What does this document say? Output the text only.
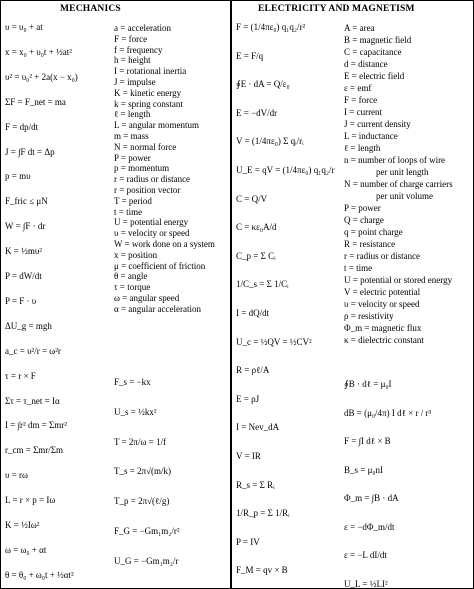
MECHANICS	ELECTRICITY AND MAGNETISM
υ = υ₀ + at
x = x₀ + υ₀t + ½at²
υ² = υ₀² + 2a(x − x₀)
ΣF = F_net = ma
F = dp/dt
J = ∫F dt = Δp
p = mυ
F_fric ≤ μN
W = ∫F · dr
K = ½mυ²
P = dW/dt
P = F · υ
ΔU_g = mgh
a_c = υ²/r = ω²r
τ = r × F
Στ = τ_net = Iα
I = ∫r² dm = Σmr²
r_cm = Σmr/Σm
υ = rω
L = r × p = Iω
K = ½Iω²
ω = ω₀ + αt
θ = θ₀ + ω₀t + ½αt²
a = acceleration
F = force
f = frequency
h = height
I = rotational inertia
J = impulse
K = kinetic energy
k = spring constant
ℓ = length
L = angular momentum
m = mass
N = normal force
P = power
p = momentum
r = radius or distance
r = position vector
T = period
t = time
U = potential energy
υ = velocity or speed
W = work done on a system
x = position
μ = coefficient of friction
θ = angle
τ = torque
ω = angular speed
α = angular acceleration
F_s = −kx
U_s = ½kx²
T = 2π/ω = 1/f
T_s = 2π√(m/k)
T_p = 2π√(ℓ/g)
F_G = −Gm₁m₂/r²
U_G = −Gm₁m₂/r
F = (1/4πε₀) q₁q₂/r²
E = F/q
∮E · dA = Q/ε₀
E = −dV/dr
V = (1/4πε₀) Σ qᵢ/rᵢ
U_E = qV = (1/4πε₀) q₁q₂/r
C = Q/V
C = κε₀A/d
C_p = Σ Cᵢ
1/C_s = Σ 1/Cᵢ
I = dQ/dt
U_c = ½QV = ½CV²
R = ρℓ/A
E = ρJ
I = Nev_dA
V = IR
R_s = Σ Rᵢ
1/R_p = Σ 1/Rᵢ
P = IV
F_M = qv × B
A = area
B = magnetic field
C = capacitance
d = distance
E = electric field
ε = emf
F = force
I = current
J = current density
L = inductance
ℓ = length
n = number of loops of wire
per unit length
N = number of charge carriers
per unit volume
P = power
Q = charge
q = point charge
R = resistance
r = radius or distance
t = time
U = potential or stored energy
V = electric potential
υ = velocity or speed
ρ = resistivity
Φ_m = magnetic flux
κ = dielectric constant
∮B · dℓ = μ₀I
dB = (μ₀/4π) I dℓ × r / r³
F = ∫I dℓ × B
B_s = μ₀nI
Φ_m = ∫B · dA
ε = −dΦ_m/dt
ε = −L dI/dt
U_L = ½LI²
